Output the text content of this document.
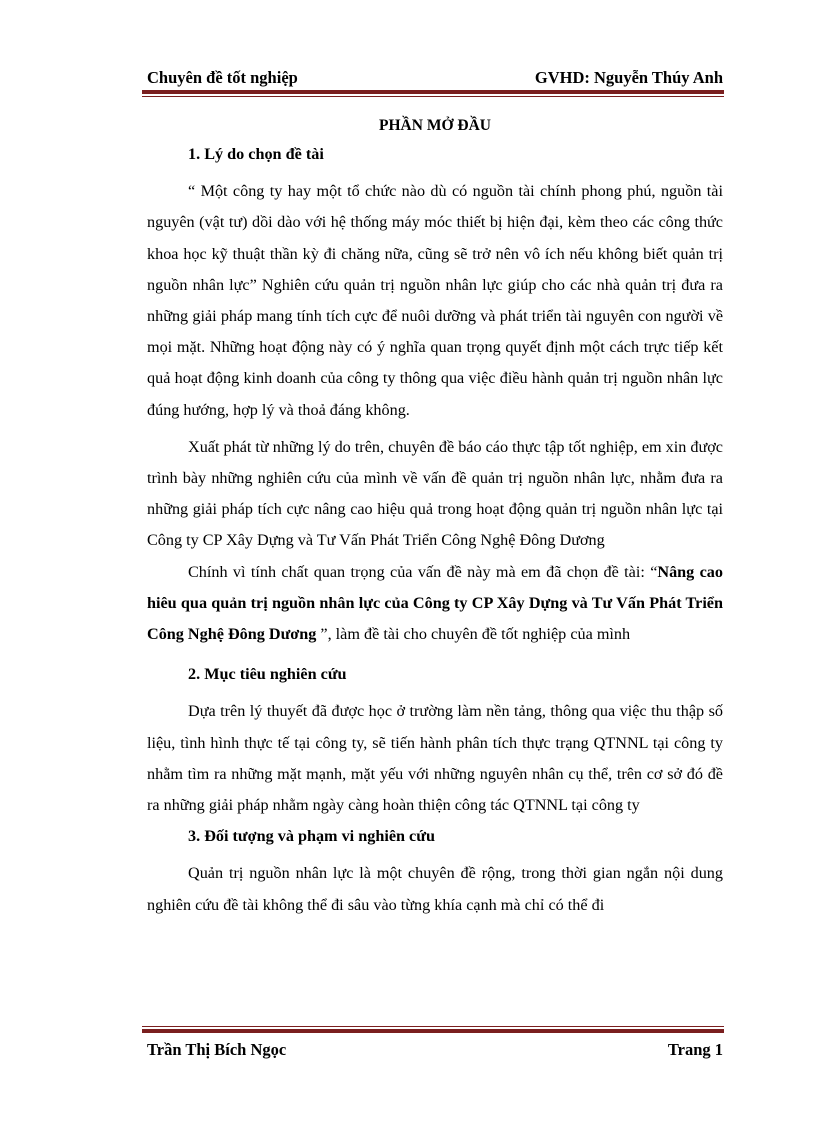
Chuyên đề tốt nghiệp	GVHD: Nguyễn Thúy Anh

PHẦN MỞ ĐẦU

1. Lý do chọn đề tài

“ Một công ty hay một tổ chức nào dù có nguồn tài chính phong phú, nguồn tài nguyên (vật tư) dồi dào với hệ thống máy móc thiết bị hiện đại, kèm theo các công thức khoa học kỹ thuật thần kỳ đi chăng nữa, cũng sẽ trở nên vô ích nếu không biết quản trị nguồn nhân lực” Nghiên cứu quản trị nguồn nhân lực giúp cho các nhà quản trị đưa ra những giải pháp mang tính tích cực để nuôi dưỡng và phát triển tài nguyên con người về mọi mặt. Những hoạt động này có ý nghĩa quan trọng quyết định một cách trực tiếp kết quả hoạt động kinh doanh của công ty thông qua việc điều hành quản trị nguồn nhân lực đúng hướng, hợp lý và thoả đáng không.

Xuất phát từ những lý do trên, chuyên đề báo cáo thực tập tốt nghiệp, em xin được trình bày những nghiên cứu của mình về vấn đề quản trị nguồn nhân lực, nhằm đưa ra những giải pháp tích cực nâng cao hiệu quả trong hoạt động quản trị nguồn nhân lực tại Công ty CP Xây Dựng và Tư Vấn Phát Triển Công Nghệ Đông Dương

Chính vì tính chất quan trọng của vấn đề này mà em đã chọn đề tài: “Nâng cao hiêu qua quản trị nguồn nhân lực của Công ty CP Xây Dựng và Tư Vấn Phát Triển Công Nghệ Đông Dương ”, làm đề tài cho chuyên đề tốt nghiệp của mình

2. Mục tiêu nghiên cứu

Dựa trên lý thuyết đã được học ở trường làm nền tảng, thông qua việc thu thập số liệu, tình hình thực tế tại công ty, sẽ tiến hành phân tích thực trạng QTNNL tại công ty nhằm tìm ra những mặt mạnh, mặt yếu với những nguyên nhân cụ thể, trên cơ sở đó đề ra những giải pháp nhằm ngày càng hoàn thiện công tác QTNNL tại công ty

3. Đối tượng và phạm vi nghiên cứu

Quản trị nguồn nhân lực là một chuyên đề rộng, trong thời gian ngắn nội dung nghiên cứu đề tài không thể đi sâu vào từng khía cạnh mà chỉ có thể đi

Trần Thị Bích Ngọc	Trang 1
